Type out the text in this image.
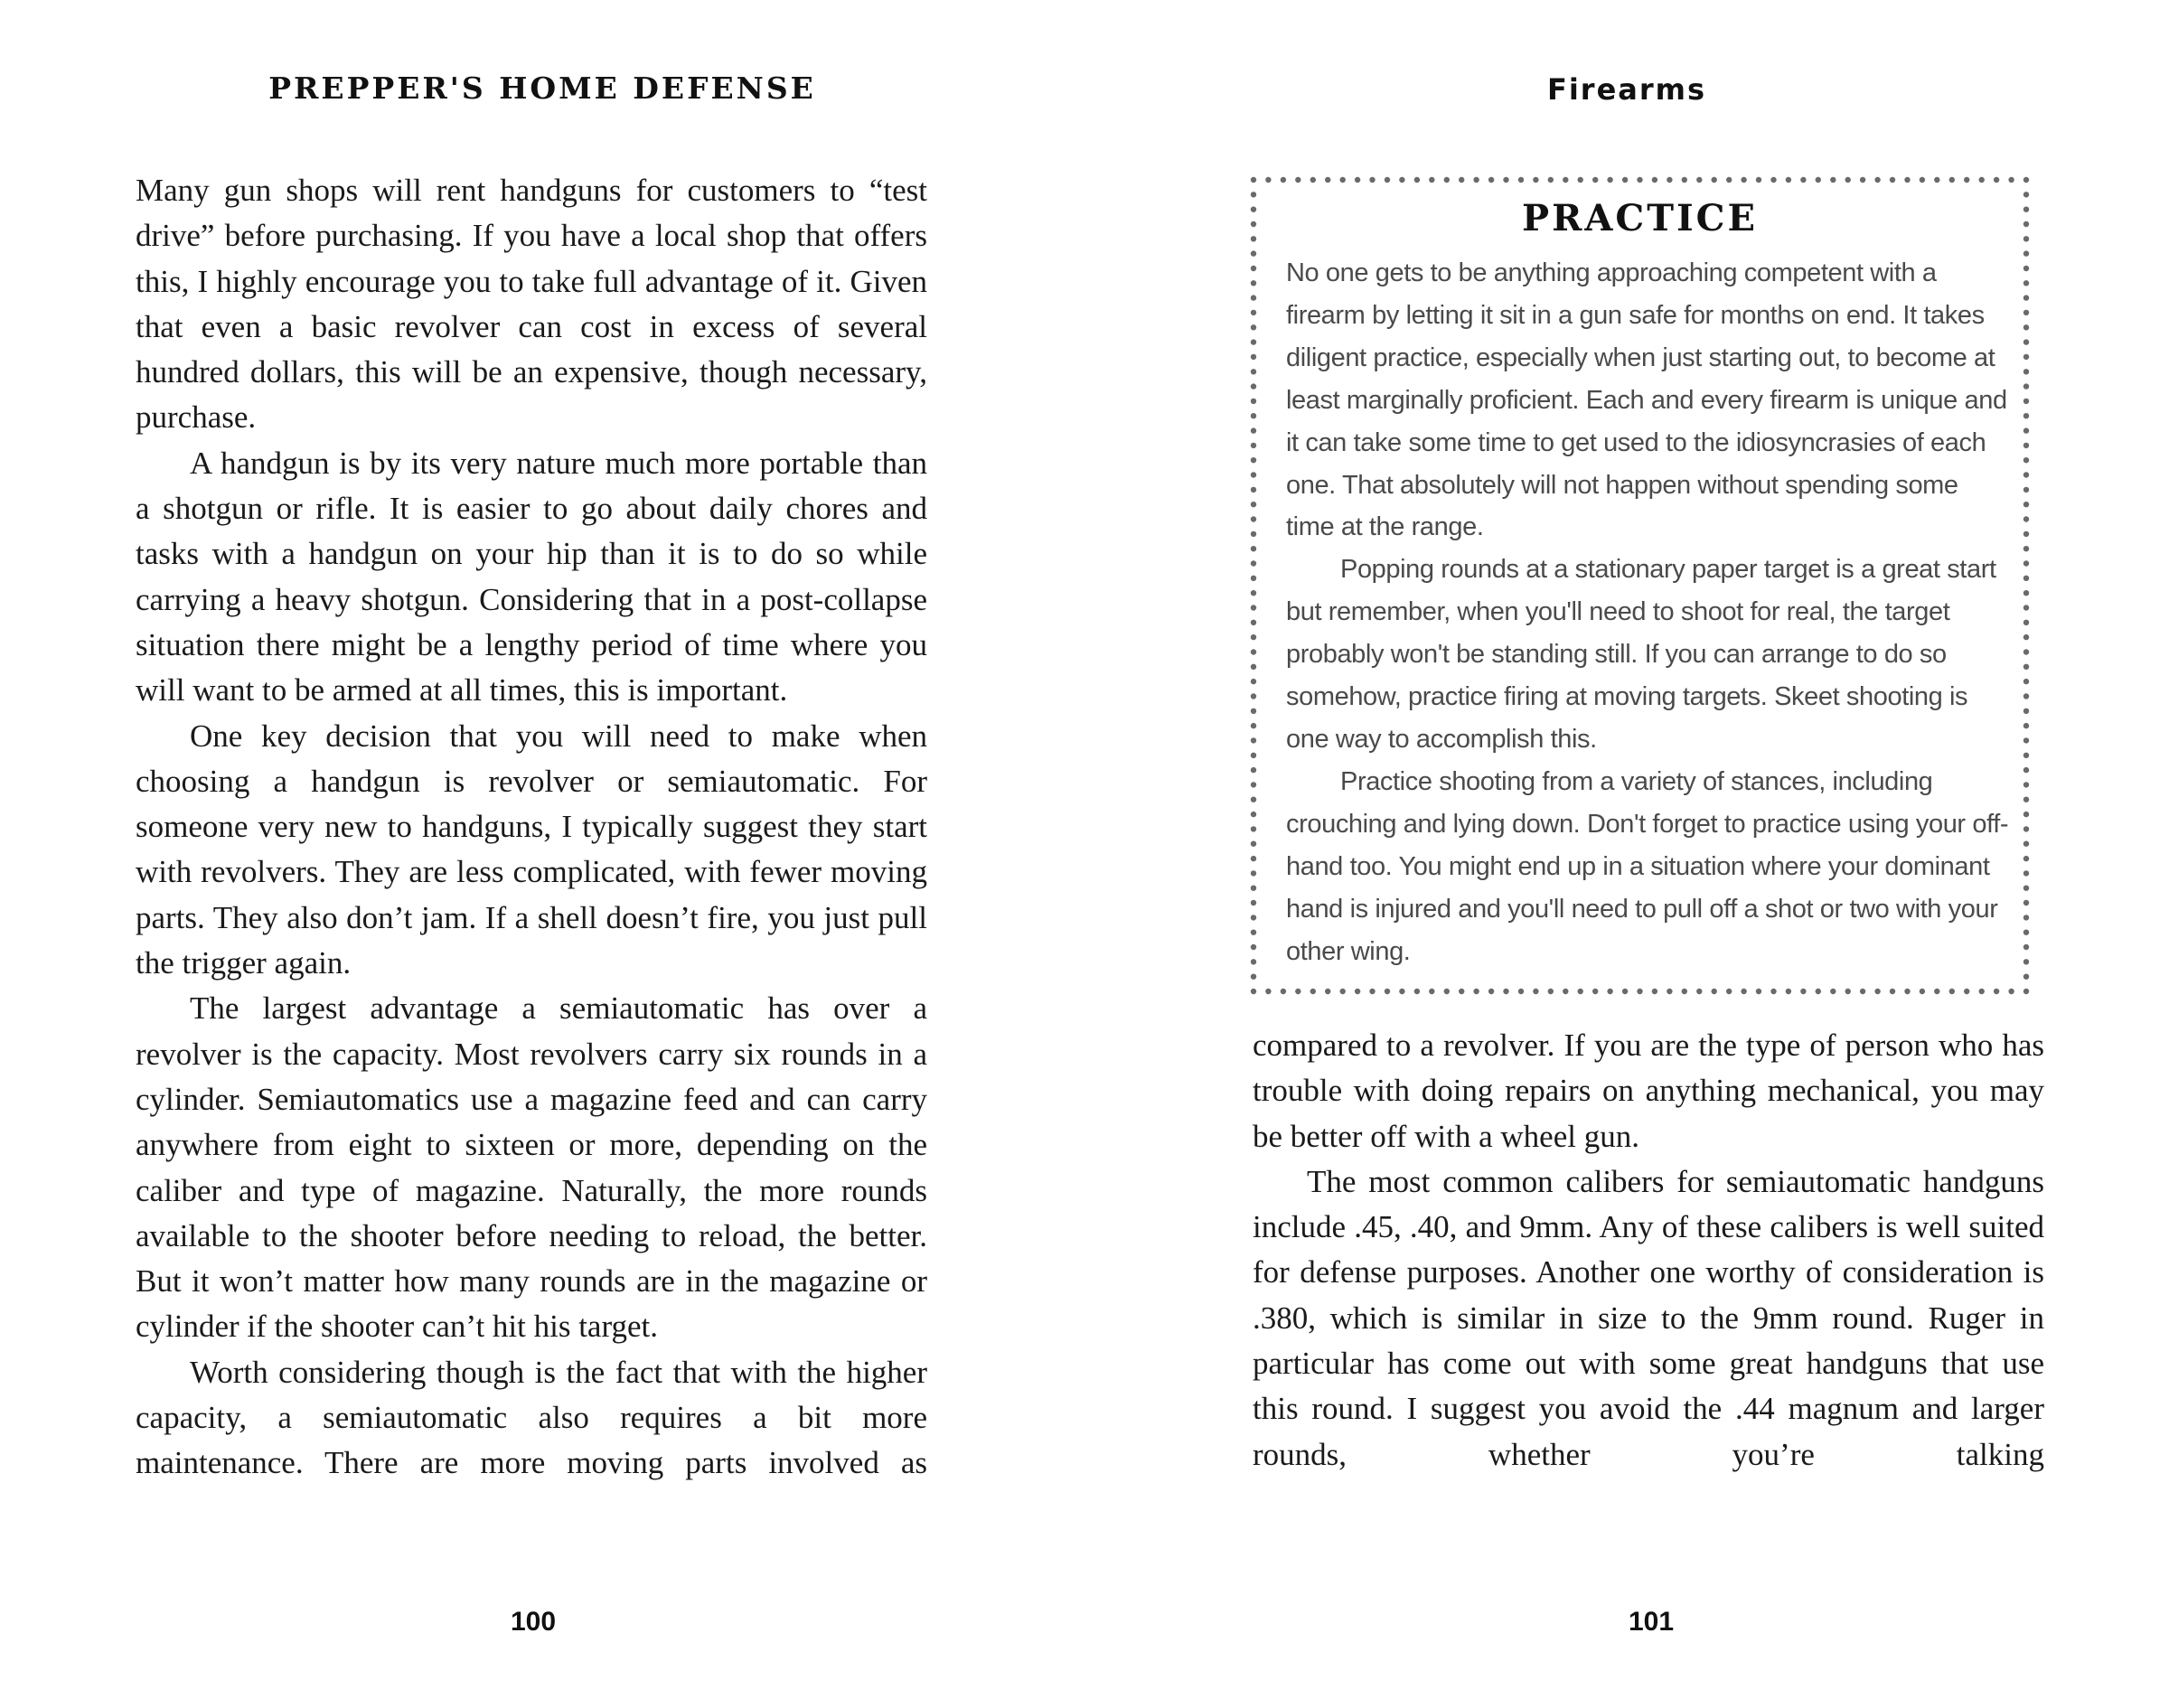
PREPPER'S HOME DEFENSE

Many gun shops will rent handguns for customers to “test drive” before purchasing. If you have a local shop that offers this, I highly encourage you to take full advantage of it. Given that even a basic revolver can cost in excess of several hundred dollars, this will be an expensive, though necessary, purchase.

A handgun is by its very nature much more portable than a shotgun or rifle. It is easier to go about daily chores and tasks with a handgun on your hip than it is to do so while carrying a heavy shotgun. Considering that in a post-collapse situation there might be a lengthy period of time where you will want to be armed at all times, this is important.

One key decision that you will need to make when choosing a handgun is revolver or semiautomatic. For someone very new to handguns, I typically suggest they start with revolvers. They are less complicated, with fewer moving parts. They also don’t jam. If a shell doesn’t fire, you just pull the trigger again.

The largest advantage a semiautomatic has over a revolver is the capacity. Most revolvers carry six rounds in a cylinder. Semiautomatics use a magazine feed and can carry anywhere from eight to sixteen or more, depending on the caliber and type of magazine. Naturally, the more rounds available to the shooter before needing to reload, the better. But it won’t matter how many rounds are in the magazine or cylinder if the shooter can’t hit his target.

Worth considering though is the fact that with the higher capacity, a semiautomatic also requires a bit more maintenance. There are more moving parts involved as

100
Firearms
101
PRACTICE

No one gets to be anything approaching competent with a firearm by letting it sit in a gun safe for months on end. It takes diligent practice, especially when just starting out, to become at least marginally proficient. Each and every firearm is unique and it can take some time to get used to the idiosyncrasies of each one. That absolutely will not happen without spending some time at the range.

Popping rounds at a stationary paper target is a great start but remember, when you'll need to shoot for real, the target probably won't be standing still. If you can arrange to do so somehow, practice firing at moving targets. Skeet shooting is one way to accomplish this.

Practice shooting from a variety of stances, including crouching and lying down. Don't forget to practice using your off-hand too. You might end up in a situation where your dominant hand is injured and you'll need to pull off a shot or two with your other wing.

compared to a revolver. If you are the type of person who has trouble with doing repairs on anything mechanical, you may be better off with a wheel gun.

The most common calibers for semiautomatic handguns include .45, .40, and 9mm. Any of these calibers is well suited for defense purposes. Another one worthy of consideration is .380, which is similar in size to the 9mm round. Ruger in particular has come out with some great handguns that use this round. I suggest you avoid the .44 magnum and larger rounds, whether you’re talking
